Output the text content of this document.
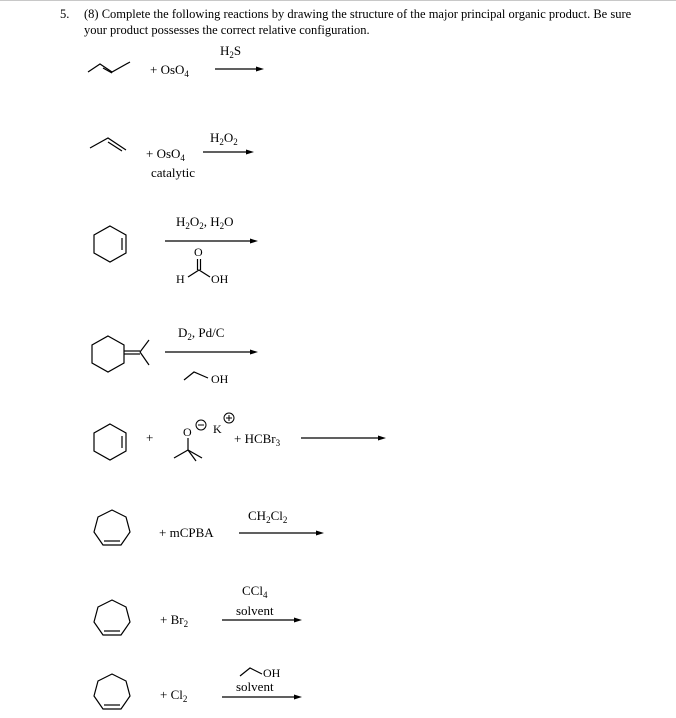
5. (8) Complete the following reactions by drawing the structure of the major principal organic product. Be sure
your product possesses the correct relative configuration.
+ OsO$_4$
$H_2S$
+ OsO$_4$
catalytic
$H_2O_2$
$H_2O_2$, $H_2O$
O
H OH
$D_2$, Pd/C
OH
+ O K
+ HCBr$_3$
+ mCPBA
$CH_2Cl_2$
+ $Br_2$
CCl$_4$
solvent
+ $Cl_2$
OH
solvent
